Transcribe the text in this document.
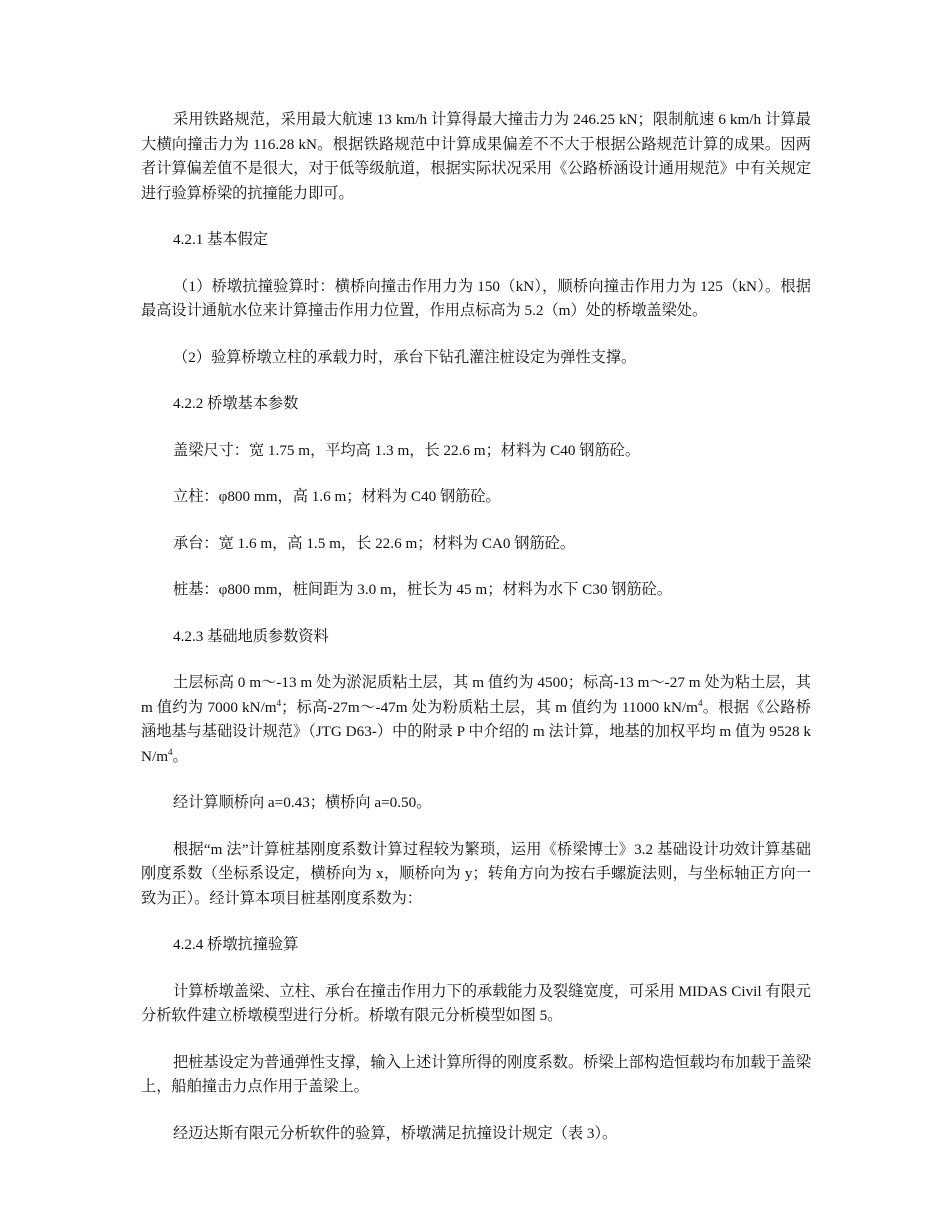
采用铁路规范，采用最大航速 13 km/h 计算得最大撞击力为 246.25 kN；限制航速 6 km/h 计算最大横向撞击力为 116.28 kN。根据铁路规范中计算成果偏差不不大于根据公路规范计算的成果。因两者计算偏差值不是很大，对于低等级航道，根据实际状况采用《公路桥涵设计通用规范》中有关规定进行验算桥梁的抗撞能力即可。

4.2.1 基本假定

（1）桥墩抗撞验算时：横桥向撞击作用力为 150（kN），顺桥向撞击作用力为 125（kN）。根据最高设计通航水位来计算撞击作用力位置，作用点标高为 5.2（m）处的桥墩盖梁处。

（2）验算桥墩立柱的承载力时，承台下钻孔灌注桩设定为弹性支撑。

4.2.2 桥墩基本参数

盖梁尺寸：宽 1.75 m，平均高 1.3 m，长 22.6 m；材料为 C40 钢筋砼。

立柱：φ800 mm，高 1.6 m；材料为 C40 钢筋砼。

承台：宽 1.6 m，高 1.5 m，长 22.6 m；材料为 CA0 钢筋砼。

桩基：φ800 mm，桩间距为 3.0 m，桩长为 45 m；材料为水下 C30 钢筋砼。

4.2.3 基础地质参数资料

土层标高 0 m～-13 m 处为淤泥质粘土层，其 m 值约为 4500；标高-13 m～-27 m 处为粘土层，其 m 值约为 7000 $kN/m^4$；标高-27m～-47m 处为粉质粘土层，其 m 值约为 11000 $kN/m^4$。根据《公路桥涵地基与基础设计规范》（JTG D63-）中的附录 P 中介绍的 m 法计算，地基的加权平均 m 值为 9528 $kN/m^4$。

经计算顺桥向 a=0.43；横桥向 a=0.50。

根据“m 法”计算桩基刚度系数计算过程较为繁琐，运用《桥梁博士》3.2 基础设计功效计算基础刚度系数（坐标系设定，横桥向为 x，顺桥向为 y；转角方向为按右手螺旋法则，与坐标轴正方向一致为正）。经计算本项目桩基刚度系数为：

4.2.4 桥墩抗撞验算

计算桥墩盖梁、立柱、承台在撞击作用力下的承载能力及裂缝宽度，可采用 MIDAS Civil 有限元分析软件建立桥墩模型进行分析。桥墩有限元分析模型如图 5。

把桩基设定为普通弹性支撑，输入上述计算所得的刚度系数。桥梁上部构造恒载均布加载于盖梁上，船舶撞击力点作用于盖梁上。

经迈达斯有限元分析软件的验算，桥墩满足抗撞设计规定（表 3）。
